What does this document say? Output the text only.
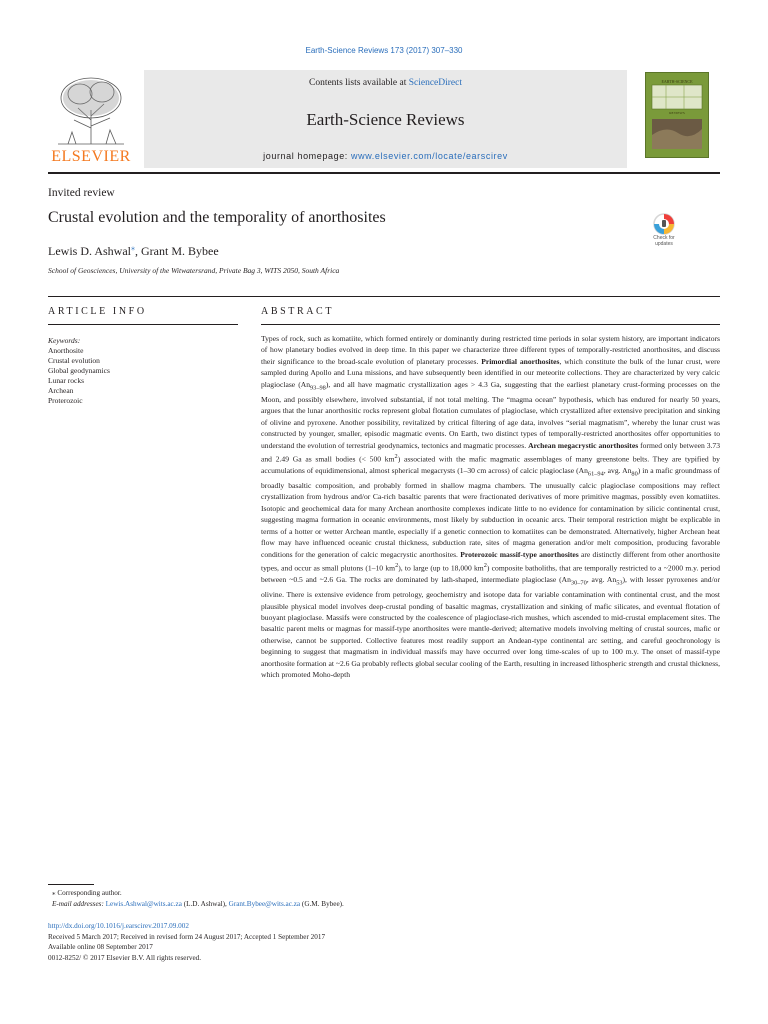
Earth-Science Reviews 173 (2017) 307–330
ELSEVIER
Contents lists available at ScienceDirect
Earth-Science Reviews
journal homepage: www.elsevier.com/locate/earscirev
EARTH-SCIENCE
REVIEWS
Invited review
Crustal evolution and the temporality of anorthosites
Lewis D. Ashwal⁎, Grant M. Bybee
School of Geosciences, University of the Witwatersrand, Private Bag 3, WITS 2050, South Africa
Check for updates
ARTICLE INFO	ABSTRACT
Keywords:
Anorthosite
Crustal evolution
Global geodynamics
Lunar rocks
Archean
Proterozoic
Types of rock, such as komatiite, which formed entirely or dominantly during restricted time periods in solar system history, are important indicators of how planetary bodies evolved in deep time. In this paper we characterize three different types of temporally-restricted anorthosites, and discuss their significance to the broad-scale evolution of planetary processes. Primordial anorthosites, which constitute the bulk of the lunar crust, were sampled during Apollo and Luna missions, and have subsequently been identified in our meteorite collections. They are characterized by very calcic plagioclase $(An_{93-98})$, and all have magmatic crystallization ages > 4.3 Ga, suggesting that the earliest planetary crust-forming processes on the Moon, and possibly elsewhere, involved substantial, if not total melting. The “magma ocean” hypothesis, which has endured for nearly 50 years, argues that the lunar anorthositic rocks represent global flotation cumulates of plagioclase, which crystallized after extensive precipitation and sinking of olivine and pyroxene. Another possibility, revitalized by critical filtering of age data, involves “serial magmatism”, whereby the lunar crust was constructed by younger, smaller, episodic magmatic events. On Earth, two distinct types of temporally-restricted anorthosites offer opportunities to understand the evolution of terrestrial geodynamics, tectonics and magmatic processes. Archean megacrystic anorthosites formed only between 3.73 and 2.49 Ga as small bodies (< 500 $km^2$) associated with the mafic magmatic assemblages of many greenstone belts. They are typified by accumulations of equidimensional, almost spherical megacrysts (1–30 cm across) of calcic plagioclase ($An_{61-94}$, avg. $An_{80}$) in a mafic groundmass of broadly basaltic composition, and probably formed in shallow magma chambers. The unusually calcic plagioclase compositions may reflect crystallization from hydrous and/or Ca-rich basaltic parents that were fractionated derivatives of more primitive magmas, possibly even komatiites. Isotopic and geochemical data for many Archean anorthosite complexes indicate little to no evidence for contamination by silicic continental crust, suggesting magma formation in oceanic environments, most likely by subduction in oceanic arcs. Their temporal restriction might be explicable in terms of a hotter or wetter Archean mantle, especially if a genetic connection to komatiites can be demonstrated. Alternatively, higher Archean heat flow may have influenced oceanic crustal thickness, subduction rate, sites of magma generation and/or melt composition, producing favorable conditions for the generation of calcic megacrystic anorthosites. Proterozoic massif-type anorthosites are distinctly different from other anorthosite types, and occur as small plutons (1–10 $km^2$), to large (up to 18,000 $km^2$) composite batholiths, that are temporally restricted to a ~2000 m.y. period between ~0.5 and ~2.6 Ga. The rocks are dominated by lath-shaped, intermediate plagioclase ($An_{30-70}$, avg. $An_{53}$), with lesser pyroxenes and/or olivine. There is extensive evidence from petrology, geochemistry and isotope data for variable contamination with continental crust, and the most plausible physical model involves deep-crustal ponding of basaltic magmas, crystallization and sinking of mafic silicates, and eventual flotation of buoyant plagioclase. Massifs were constructed by the coalescence of plagioclase-rich mushes, which ascended to mid-crustal emplacement sites. The basaltic parent melts or magmas for massif-type anorthosites were mantle-derived; alternative models involving melting of crustal sources, mafic or otherwise, cannot be supported. Collective features most readily support an Andean-type continental arc setting, and careful geochronology is beginning to suggest that magmatism in individual massifs may have occurred over long time-scales of up to 100 m.y. The onset of massif-type anorthosite formation at ~2.6 Ga probably reflects global secular cooling of the Earth, resulting in increased lithospheric strength and crustal thickness, which promoted Moho-depth
⁎ Corresponding author.
E-mail addresses: Lewis.Ashwal@wits.ac.za (L.D. Ashwal), Grant.Bybee@wits.ac.za (G.M. Bybee).
http://dx.doi.org/10.1016/j.earscirev.2017.09.002
Received 5 March 2017; Received in revised form 24 August 2017; Accepted 1 September 2017
Available online 08 September 2017
0012-8252/ © 2017 Elsevier B.V. All rights reserved.
